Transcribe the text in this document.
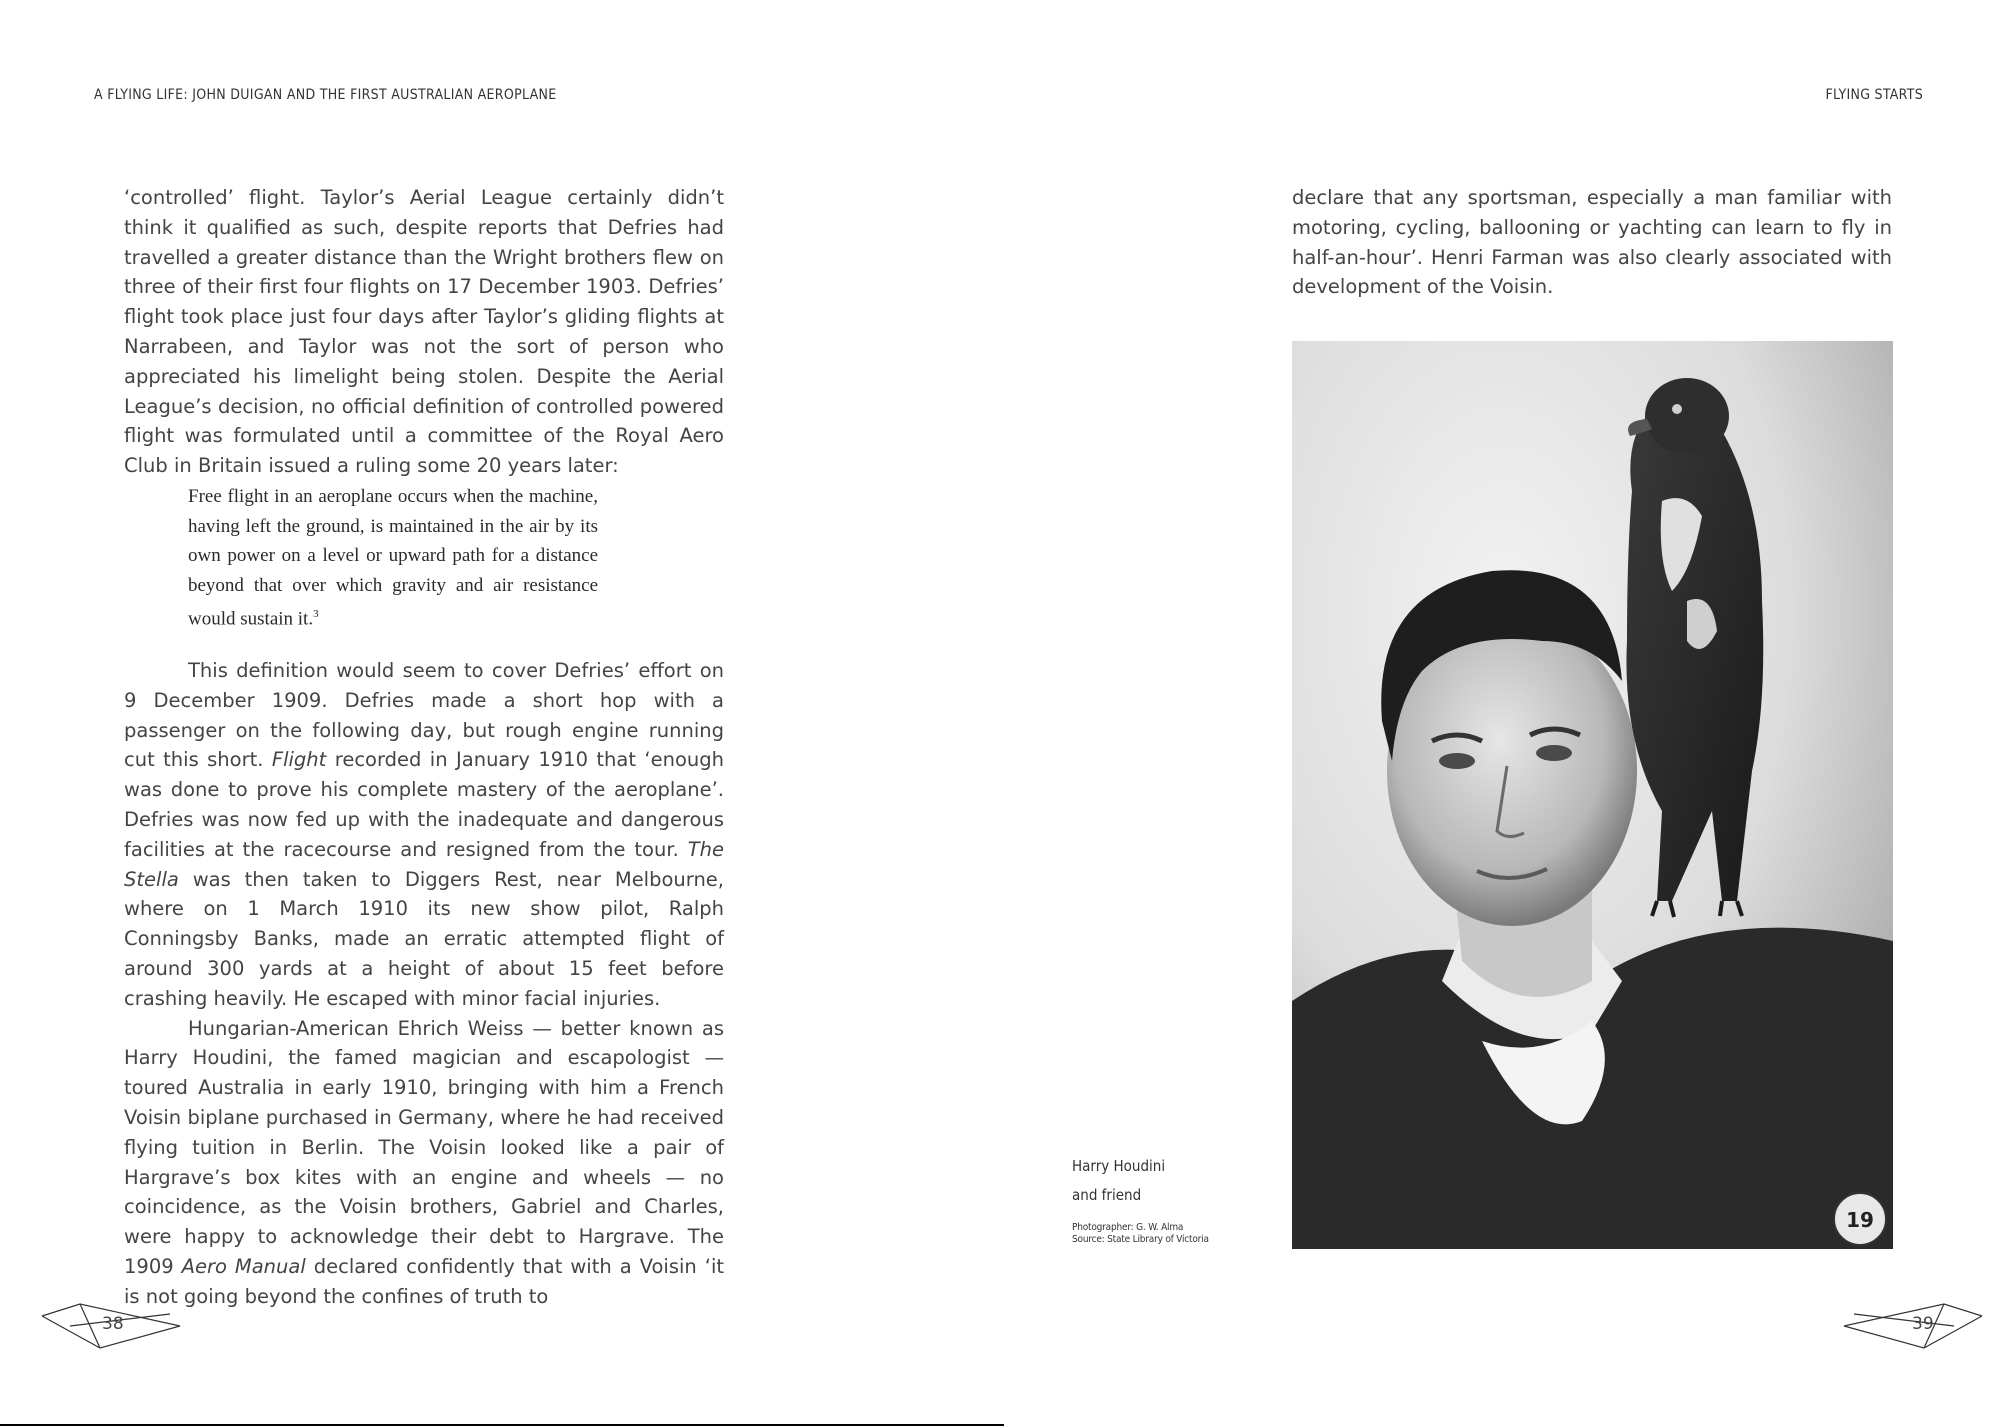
A FLYING LIFE: JOHN DUIGAN AND THE FIRST AUSTRALIAN AEROPLANE

‘controlled’ flight. Taylor’s Aerial League certainly didn’t think it qualified as such, despite reports that Defries had travelled a greater distance than the Wright brothers flew on three of their first four flights on 17 December 1903. Defries’ flight took place just four days after Taylor’s gliding flights at Narrabeen, and Taylor was not the sort of person who appreciated his limelight being stolen. Despite the Aerial League’s decision, no official definition of controlled powered flight was formulated until a committee of the Royal Aero Club in Britain issued a ruling some 20 years later:

Free flight in an aeroplane occurs when the machine, having left the ground, is maintained in the air by its own power on a level or upward path for a distance beyond that over which gravity and air resistance would sustain it.$^3$

This definition would seem to cover Defries’ effort on 9 December 1909. Defries made a short hop with a passenger on the following day, but rough engine running cut this short. Flight recorded in January 1910 that ‘enough was done to prove his complete mastery of the aeroplane’. Defries was now fed up with the inadequate and dangerous facilities at the racecourse and resigned from the tour. The Stella was then taken to Diggers Rest, near Melbourne, where on 1 March 1910 its new show pilot, Ralph Conningsby Banks, made an erratic attempted flight of around 300 yards at a height of about 15 feet before crashing heavily. He escaped with minor facial injuries.

Hungarian-American Ehrich Weiss — better known as Harry Houdini, the famed magician and escapologist — toured Australia in early 1910, bringing with him a French Voisin biplane purchased in Germany, where he had received flying tuition in Berlin. The Voisin looked like a pair of Hargrave’s box kites with an engine and wheels — no coincidence, as the Voisin brothers, Gabriel and Charles, were happy to acknowledge their debt to Hargrave. The 1909 Aero Manual declared confidently that with a Voisin ‘it is not going beyond the confines of truth to

38
FLYING STARTS

declare that any sportsman, especially a man familiar with motoring, cycling, ballooning or yachting can learn to fly in half-an-hour’. Henri Farman was also clearly associated with development of the Voisin.

19
Harry Houdini
and friend
Photographer: G. W. Alma
Source: State Library of Victoria
39
